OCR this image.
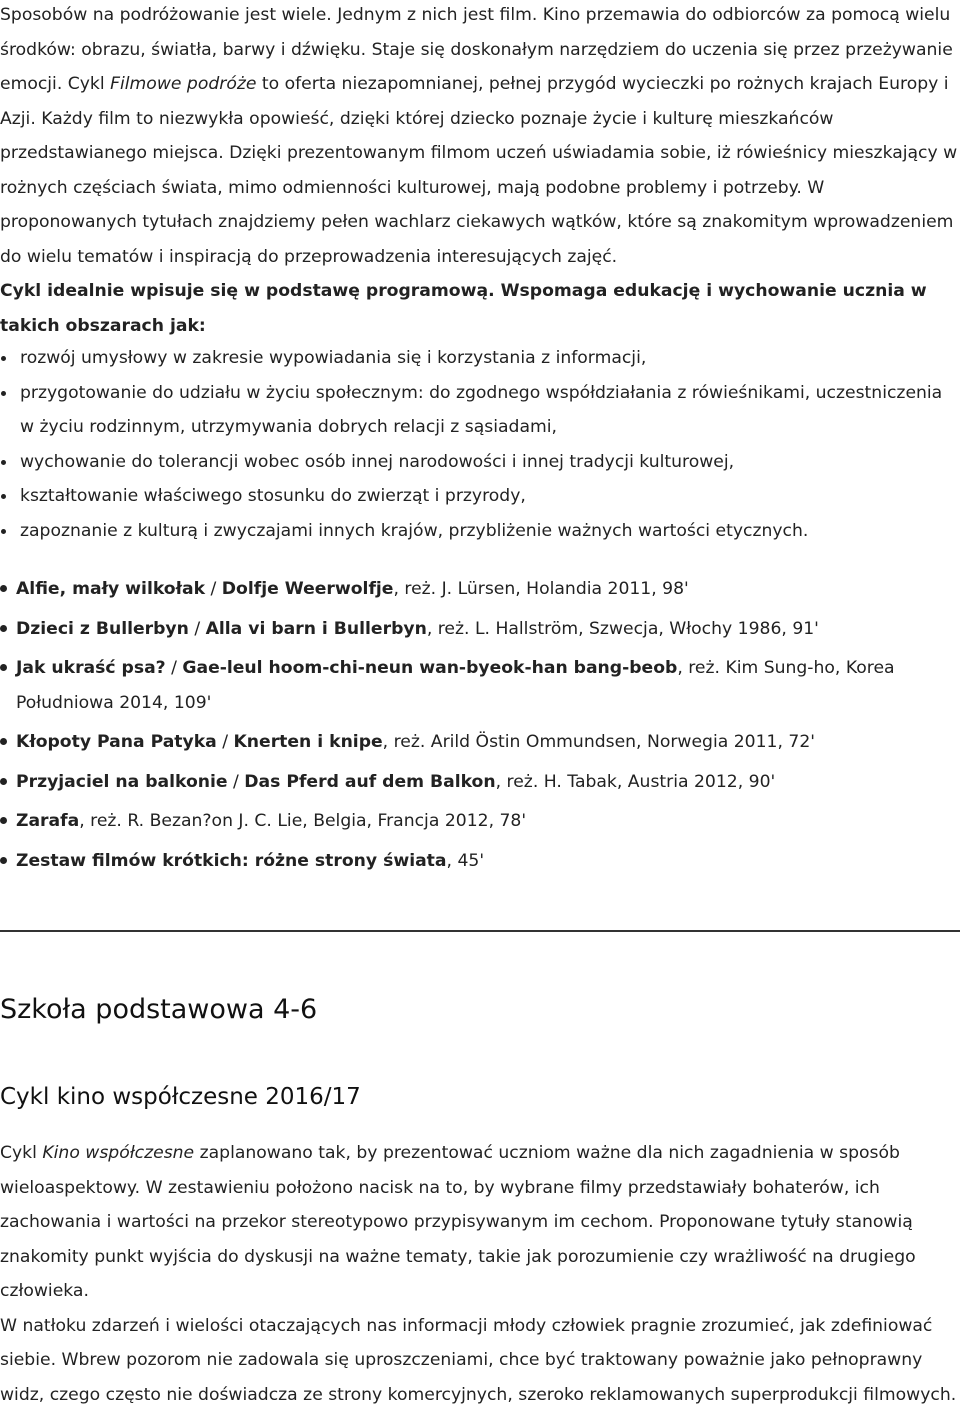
Sposobów na podróżowanie jest wiele. Jednym z nich jest film. Kino przemawia do odbiorców za pomocą wielu środków: obrazu, światła, barwy i dźwięku. Staje się doskonałym narzędziem do uczenia się przez przeżywanie emocji. Cykl Filmowe podróże to oferta niezapomnianej, pełnej przygód wycieczki po rożnych krajach Europy i Azji. Każdy film to niezwykła opowieść, dzięki której dziecko poznaje życie i kulturę mieszkańców przedstawianego miejsca. Dzięki prezentowanym filmom uczeń uświadamia sobie, iż rówieśnicy mieszkający w rożnych częściach świata, mimo odmienności kulturowej, mają podobne problemy i potrzeby. W proponowanych tytułach znajdziemy pełen wachlarz ciekawych wątków, które są znakomitym wprowadzeniem do wielu tematów i inspiracją do przeprowadzenia interesujących zajęć.
Cykl idealnie wpisuje się w podstawę programową. Wspomaga edukację i wychowanie ucznia w takich obszarach jak:

rozwój umysłowy w zakresie wypowiadania się i korzystania z informacji,
przygotowanie do udziału w życiu społecznym: do zgodnego współdziałania z rówieśnikami, uczestniczenia w życiu rodzinnym, utrzymywania dobrych relacji z sąsiadami,
wychowanie do tolerancji wobec osób innej narodowości i innej tradycji kulturowej,
kształtowanie właściwego stosunku do zwierząt i przyrody,
zapoznanie z kulturą i zwyczajami innych krajów, przybliżenie ważnych wartości etycznych.
Alfie, mały wilkołak / Dolfje Weerwolfje, reż. J. Lürsen, Holandia 2011, 98'
Dzieci z Bullerbyn / Alla vi barn i Bullerbyn, reż. L. Hallström, Szwecja, Włochy 1986, 91'
Jak ukraść psa? / Gae-leul hoom-chi-neun wan-byeok-han bang-beob, reż. Kim Sung-ho, Korea Południowa 2014, 109'
Kłopoty Pana Patyka / Knerten i knipe, reż. Arild Östin Ommundsen, Norwegia 2011, 72'
Przyjaciel na balkonie / Das Pferd auf dem Balkon, reż. H. Tabak, Austria 2012, 90'
Zarafa, reż. R. Bezan?on J. C. Lie, Belgia, Francja 2012, 78'
Zestaw filmów krótkich: różne strony świata, 45'
Szkoła podstawowa 4-6
Cykl kino współczesne 2016/17

Cykl Kino współczesne zaplanowano tak, by prezentować uczniom ważne dla nich zagadnienia w sposób wieloaspektowy. W zestawieniu położono nacisk na to, by wybrane filmy przedstawiały bohaterów, ich zachowania i wartości na przekor stereotypowo przypisywanym im cechom. Proponowane tytuły stanowią znakomity punkt wyjścia do dyskusji na ważne tematy, takie jak porozumienie czy wrażliwość na drugiego człowieka.

W natłoku zdarzeń i wielości otaczających nas informacji młody człowiek pragnie zrozumieć, jak zdefiniować siebie. Wbrew pozorom nie zadowala się uproszczeniami, chce być traktowany poważnie jako pełnoprawny widz, czego często nie doświadcza ze strony komercyjnych, szeroko reklamowanych superprodukcji filmowych.
